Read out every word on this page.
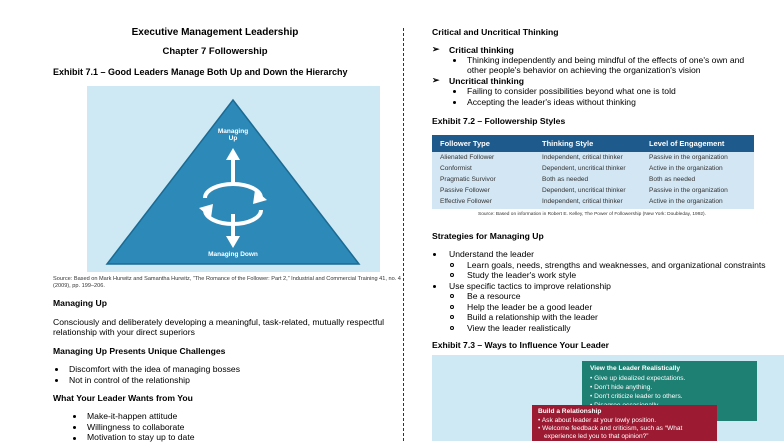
Executive Management Leadership
Chapter 7 Followership
Exhibit 7.1 – Good Leaders Manage Both Up and Down the Hierarchy
Managing
Up
Managing Down
Source: Based on Mark Hurwitz and Samantha Hurwitz, “The Romance of the Follower: Part 2,” Industrial and Commercial Training 41, no. 4
(2009), pp. 199–206.
Managing Up
Consciously and deliberately developing a meaningful, task-related, mutually respectful
relationship with your direct superiors
Managing Up Presents Unique Challenges
Discomfort with the idea of managing bosses
Not in control of the relationship
What Your Leader Wants from You
Make-it-happen attitude
Willingness to collaborate
Motivation to stay up to date
Critical and Uncritical Thinking
➢ Critical thinking
Thinking independently and being mindful of the effects of one's own and
other people's behavior on achieving the organization's vision
➢ Uncritical thinking
Failing to consider possibilities beyond what one is told
Accepting the leader's ideas without thinking
Exhibit 7.2 – Followership Styles
Follower Type	Thinking Style	Level of Engagement
Alienated Follower	Independent, critical thinker	Passive in the organization
Conformist	Dependent, uncritical thinker	Active in the organization
Pragmatic Survivor	Both as needed	Both as needed
Passive Follower	Dependent, uncritical thinker	Passive in the organization
Effective Follower	Independent, critical thinker	Active in the organization
Source: Based on information in Robert E. Kelley, The Power of Followership (New York: Doubleday, 1992).
Strategies for Managing Up
Understand the leader
Learn goals, needs, strengths and weaknesses, and organizational constraints
Study the leader's work style
Use specific tactics to improve relationship
Be a resource
Help the leader be a good leader
Build a relationship with the leader
View the leader realistically
Exhibit 7.3 – Ways to Influence Your Leader
View the Leader Realistically
• Give up idealized expectations.
• Don't hide anything.
• Don't criticize leader to others.
Build a Relationship
• Ask about leader at your lowly position.
• Welcome feedback and criticism, such as “What
experience led you to that opinion?”
